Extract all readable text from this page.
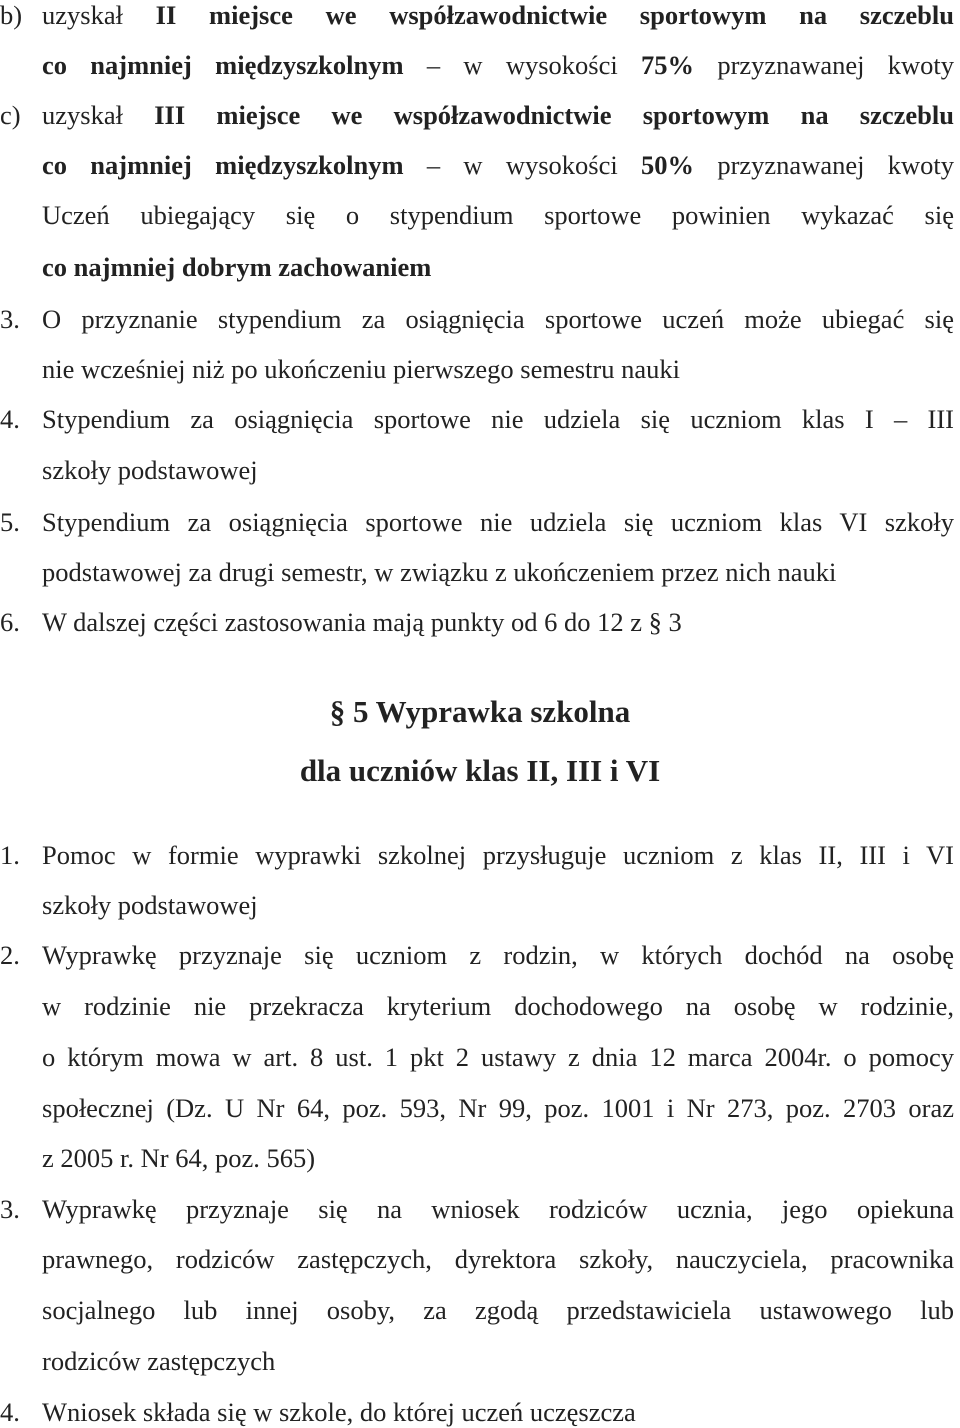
b) uzyskał II miejsce we współzawodnictwie sportowym na szczeblu
co najmniej międzyszkolnym – w wysokości 75% przyznawanej kwoty
c) uzyskał III miejsce we współzawodnictwie sportowym na szczeblu
co najmniej międzyszkolnym – w wysokości 50% przyznawanej kwoty
Uczeń ubiegający się o stypendium sportowe powinien wykazać się
co najmniej dobrym zachowaniem
3. O przyznanie stypendium za osiągnięcia sportowe uczeń może ubiegać się
nie wcześniej niż po ukończeniu pierwszego semestru nauki
4. Stypendium za osiągnięcia sportowe nie udziela się uczniom klas I – III
szkoły podstawowej
5. Stypendium za osiągnięcia sportowe nie udziela się uczniom klas VI szkoły
podstawowej za drugi semestr, w związku z ukończeniem przez nich nauki
6. W dalszej części zastosowania mają punkty od 6 do 12 z § 3
§ 5 Wyprawka szkolna
dla uczniów klas II, III i VI
1. Pomoc w formie wyprawki szkolnej przysługuje uczniom z klas II, III i VI
szkoły podstawowej
2. Wyprawkę przyznaje się uczniom z rodzin, w których dochód na osobę
w rodzinie nie przekracza kryterium dochodowego na osobę w rodzinie,
o którym mowa w art. 8 ust. 1 pkt 2 ustawy z dnia 12 marca 2004r. o pomocy
społecznej (Dz. U Nr 64, poz. 593, Nr 99, poz. 1001 i Nr 273, poz. 2703 oraz
z 2005 r. Nr 64, poz. 565)
3. Wyprawkę przyznaje się na wniosek rodziców ucznia, jego opiekuna
prawnego, rodziców zastępczych, dyrektora szkoły, nauczyciela, pracownika
socjalnego lub innej osoby, za zgodą przedstawiciela ustawowego lub
rodziców zastępczych
4. Wniosek składa się w szkole, do której uczeń uczęszcza
